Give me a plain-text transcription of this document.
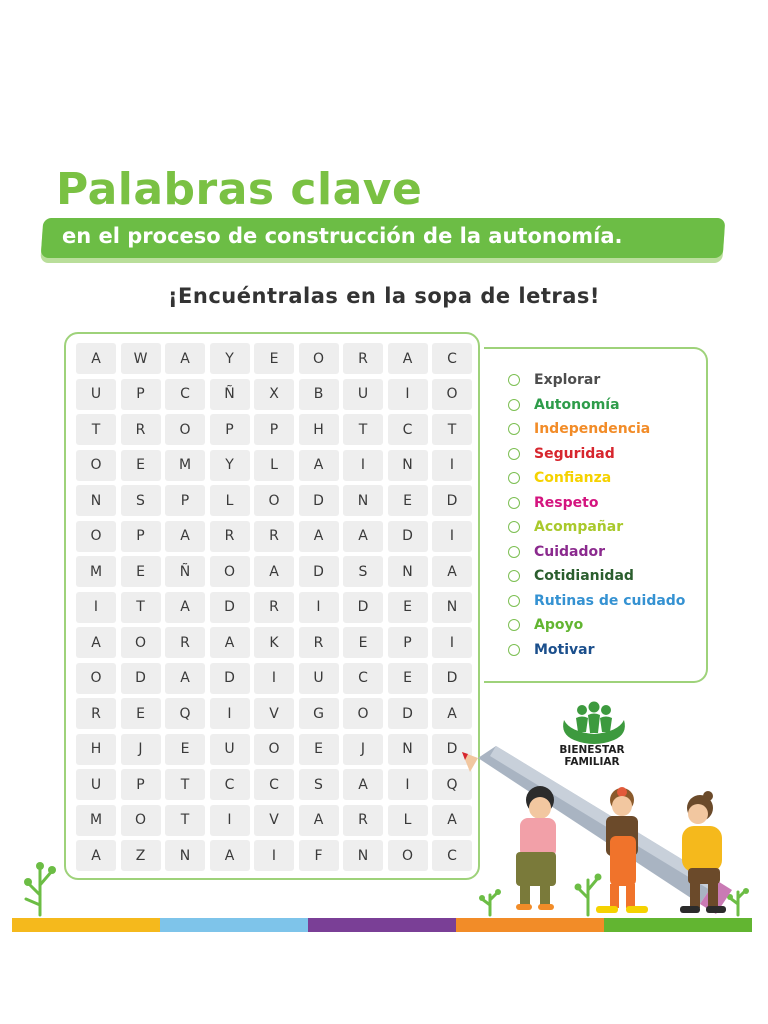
Palabras clave
en el proceso de construcción de la autonomía.
¡Encuéntralas en la sopa de letras!
A	W	A	Y	E	O	R	A	C
U	P	C	Ñ	X	B	U	I	O
T	R	O	P	P	H	T	C	T
O	E	M	Y	L	A	I	N	I
N	S	P	L	O	D	N	E	D
O	P	A	R	R	A	A	D	I
M	E	Ñ	O	A	D	S	N	A
I	T	A	D	R	I	D	E	N
A	O	R	A	K	R	E	P	I
O	D	A	D	I	U	C	E	D
R	E	Q	I	V	G	O	D	A
H	J	E	U	O	E	J	N	D
U	P	T	C	C	S	A	I	Q
M	O	T	I	V	A	R	L	A
A	Z	N	A	I	F	N	O	C
Explorar
Autonomía
Independencia
Seguridad
Confianza
Respeto
Acompañar
Cuidador
Cotidianidad
Rutinas de cuidado
Apoyo
Motivar
BIENESTAR
FAMILIAR
